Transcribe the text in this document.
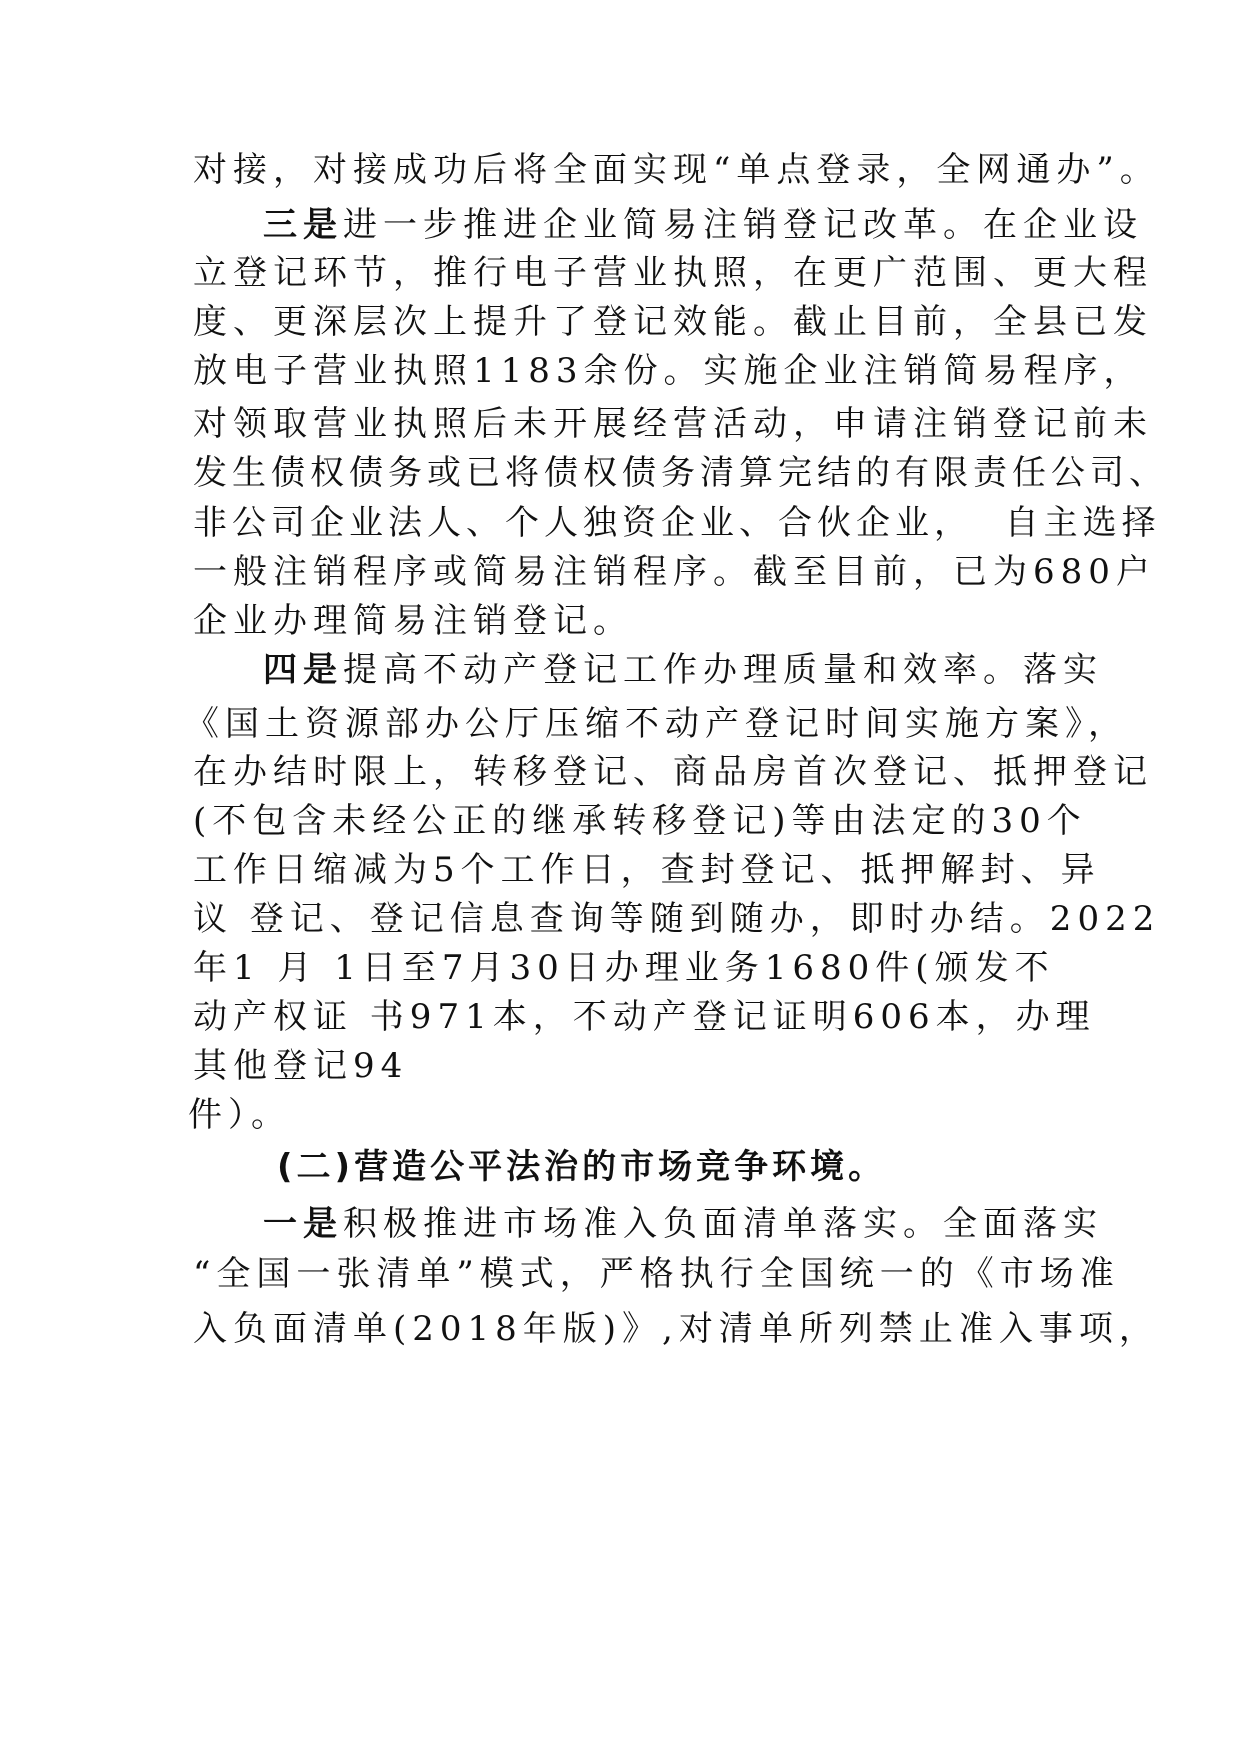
对接，对接成功后将全面实现“单点登录，全网通办”。
三是进一步推进企业简易注销登记改革。在企业设
立登记环节，推行电子营业执照，在更广范围、更大程
度、更深层次上提升了登记效能。截止目前，全县已发
放电子营业执照1183余份。实施企业注销简易程序，
对领取营业执照后未开展经营活动，申请注销登记前未
发生债权债务或已将债权债务清算完结的有限责任公司、
非公司企业法人、个人独资企业、合伙企业，  自主选择
一般注销程序或简易注销程序。截至目前，已为680户
企业办理简易注销登记。
四是提高不动产登记工作办理质量和效率。落实
《国土资源部办公厅压缩不动产登记时间实施方案》，
在办结时限上，转移登记、商品房首次登记、抵押登记
(不包含未经公正的继承转移登记)等由法定的30个
工作日缩减为5个工作日，查封登记、抵押解封、异
议 登记、登记信息查询等随到随办，即时办结。2022
年1 月 1日至7月30日办理业务1680件(颁发不
动产权证 书971本，不动产登记证明606本，办理
其他登记94
件）。
(二)营造公平法治的市场竞争环境。
一是积极推进市场准入负面清单落实。全面落实
“全国一张清单”模式，严格执行全国统一的《市场准
入负面清单(2018年版)》,对清单所列禁止准入事项，
